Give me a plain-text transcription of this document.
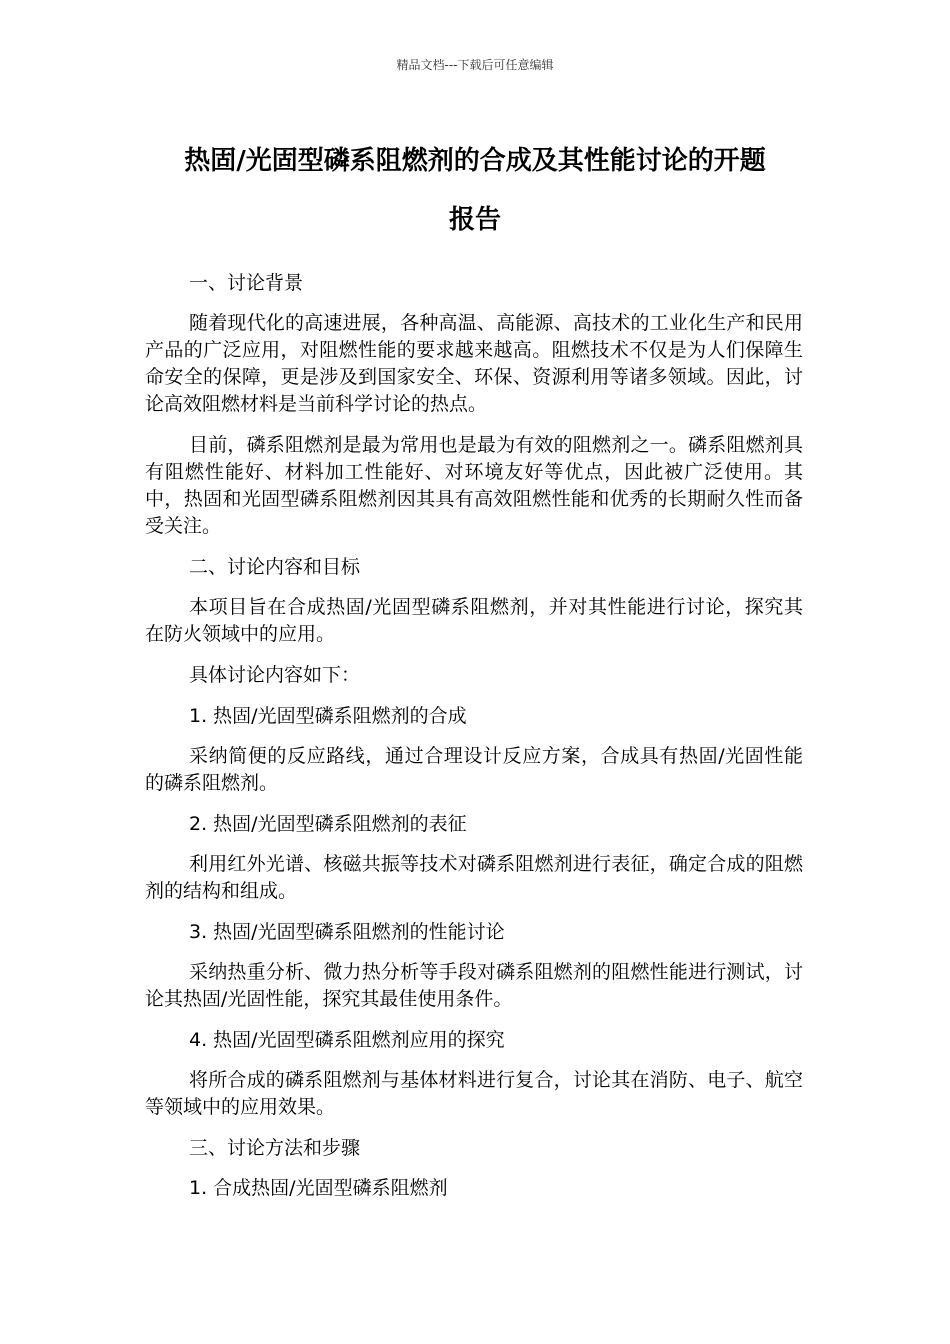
精品文档---下载后可任意编辑
热固/光固型磷系阻燃剂的合成及其性能讨论的开题
报告

一、讨论背景

随着现代化的高速进展，各种高温、高能源、高技术的工业化生产和民用产品的广泛应用，对阻燃性能的要求越来越高。阻燃技术不仅是为人们保障生命安全的保障，更是涉及到国家安全、环保、资源利用等诸多领域。因此，讨论高效阻燃材料是当前科学讨论的热点。

目前，磷系阻燃剂是最为常用也是最为有效的阻燃剂之一。磷系阻燃剂具有阻燃性能好、材料加工性能好、对环境友好等优点，因此被广泛使用。其中，热固和光固型磷系阻燃剂因其具有高效阻燃性能和优秀的长期耐久性而备受关注。

二、讨论内容和目标

本项目旨在合成热固/光固型磷系阻燃剂，并对其性能进行讨论，探究其在防火领域中的应用。

具体讨论内容如下：

1. 热固/光固型磷系阻燃剂的合成

采纳简便的反应路线，通过合理设计反应方案，合成具有热固/光固性能的磷系阻燃剂。

2. 热固/光固型磷系阻燃剂的表征

利用红外光谱、核磁共振等技术对磷系阻燃剂进行表征，确定合成的阻燃剂的结构和组成。

3. 热固/光固型磷系阻燃剂的性能讨论

采纳热重分析、微力热分析等手段对磷系阻燃剂的阻燃性能进行测试，讨论其热固/光固性能，探究其最佳使用条件。

4. 热固/光固型磷系阻燃剂应用的探究

将所合成的磷系阻燃剂与基体材料进行复合，讨论其在消防、电子、航空等领域中的应用效果。

三、讨论方法和步骤

1. 合成热固/光固型磷系阻燃剂
